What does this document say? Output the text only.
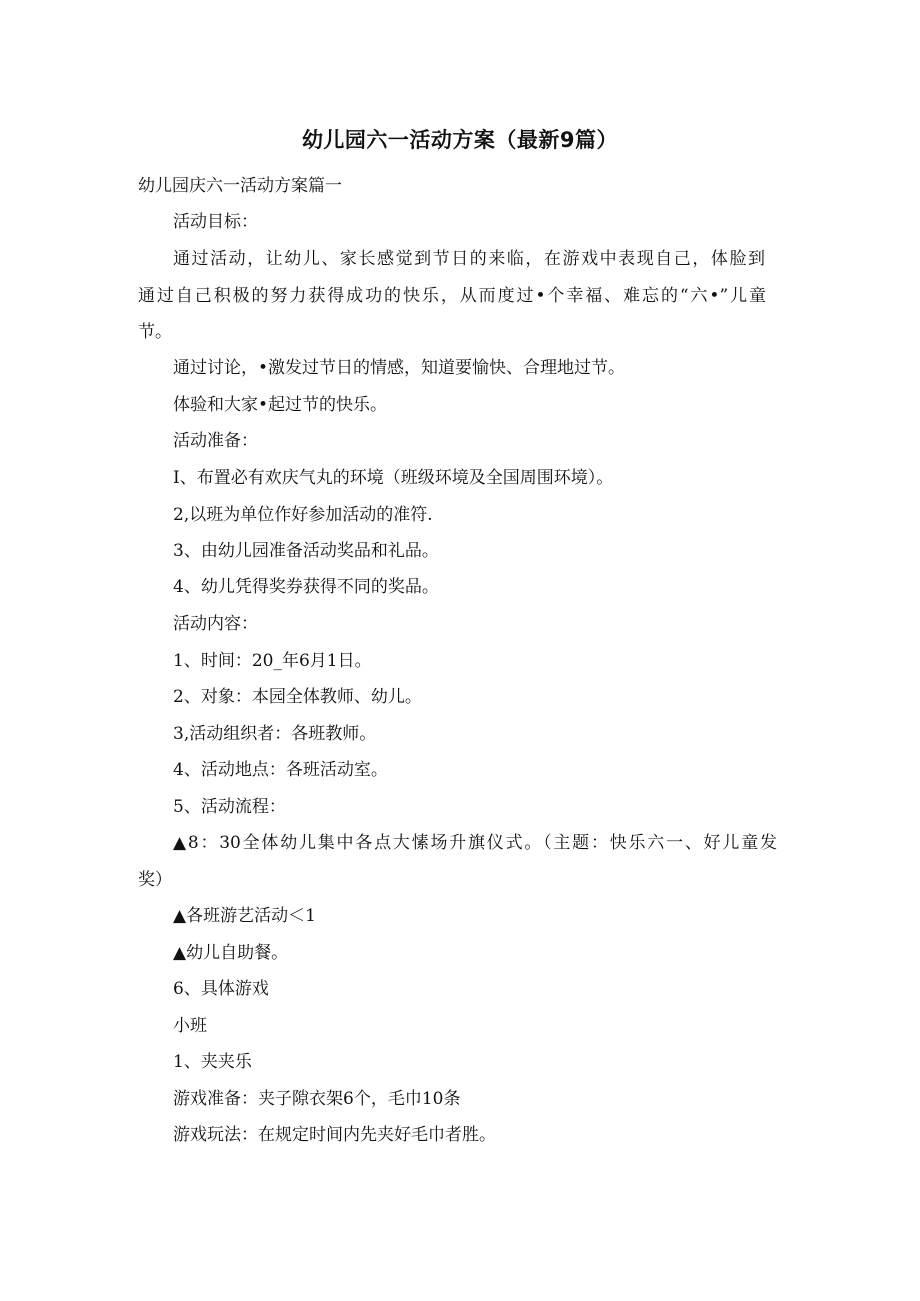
幼儿园六一活动方案（最新9篇）
幼儿园庆六一活动方案篇一
活动目标：
通过活动，让幼儿、家长感觉到节日的来临，在游戏中表现自己，体脸到
通过自己积极的努力获得成功的快乐，从而度过•个幸福、难忘的“六•”儿童
节。
通过讨论，•激发过节日的情感，知道要愉快、合理地过节。
体验和大家•起过节的快乐。
活动准备：
I、布置必有欢庆气丸的环境（班级环境及全国周围环境）。
2,以班为单位作好参加活动的准符.
3、由幼儿园准备活动奖品和礼品。
4、幼儿凭得奖券获得不同的奖品。
活动内容：
1、时间：20_年6月1日。
2、对象：本园全体教师、幼儿。
3,活动组织者：各班教师。
4、活动地点：各班活动室。
5、活动流程：
▲8：30全体幼儿集中各点大愫场升旗仪式。（主题：快乐六一、好儿童发
奖）
▲各班游艺活动＜1
▲幼儿自助餐。
6、具体游戏
小班
1、夹夹乐
游戏准备：夹子隙衣架6个，毛巾10条
游戏玩法：在规定时间内先夹好毛巾者胜。
